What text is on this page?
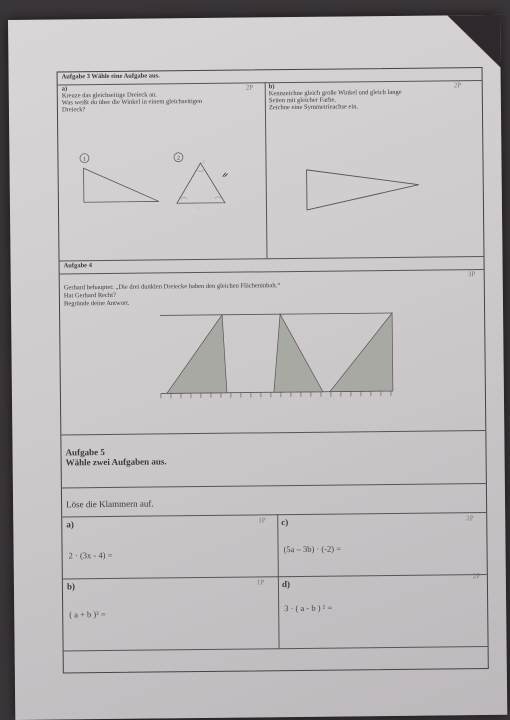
Aufgabe 3 Wähle eine Aufgabe aus.
a)	2P
Kreuze das gleichseitige Dreieck an.
Was weißt du über die Winkel in einem gleichseitigen
Dreieck?
b)	2P
Kennzeichne gleich große Winkel und gleich lange
Seiten mit gleicher Farbe.
Zeichne eine Symmetrieachse ein.
1	2
c
C
Aufgabe 4
3P
Gerhard behauptet: „Die drei dunklen Dreiecke haben den gleichen Flächeninhalt.“
Hat Gerhard Recht?
Begründe deine Antwort.
Aufgabe 5
Wähle zwei Aufgaben aus.
Löse die Klammern auf.
a)	1P
2 · (3x - 4) =
c)	2P
(5a – 3b) · (-2) =
b)	1P
( a + b )² =
d)
2P
3 · ( a - b ) ² =
